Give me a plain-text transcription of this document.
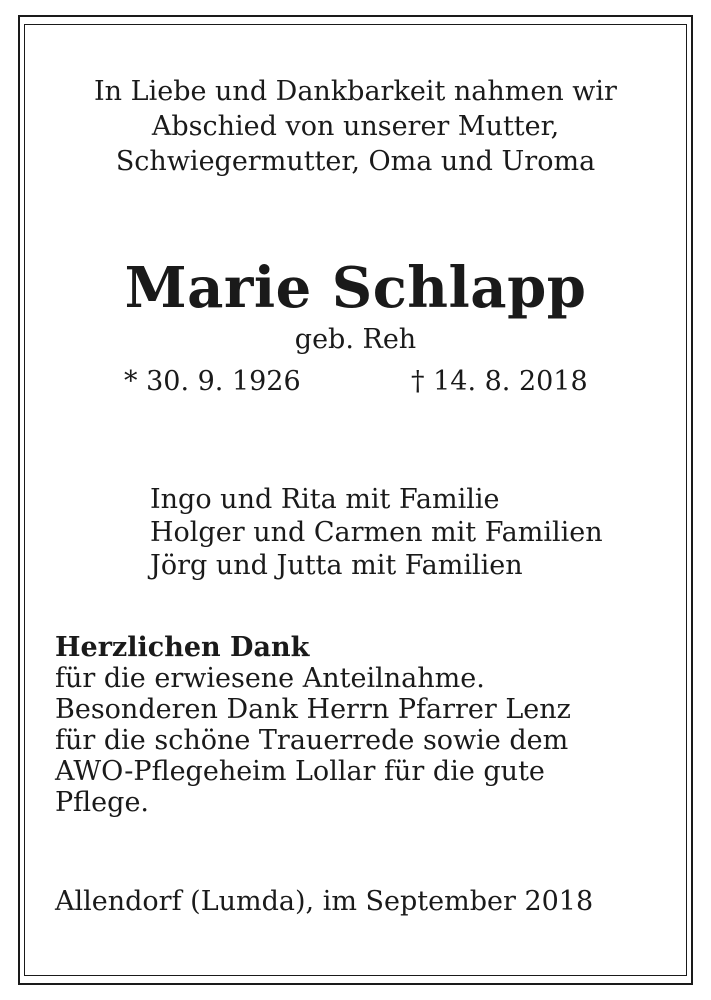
In Liebe und Dankbarkeit nahmen wir
Abschied von unserer Mutter,
Schwiegermutter, Oma und Uroma
Marie Schlapp
geb. Reh
* 30. 9. 1926	† 14. 8. 2018
Ingo und Rita mit Familie
Holger und Carmen mit Familien
Jörg und Jutta mit Familien
Herzlichen Dank
für die erwiesene Anteilnahme.
Besonderen Dank Herrn Pfarrer Lenz
für die schöne Trauerrede sowie dem
AWO-Pflegeheim Lollar für die gute
Pflege.
Allendorf (Lumda), im September 2018
